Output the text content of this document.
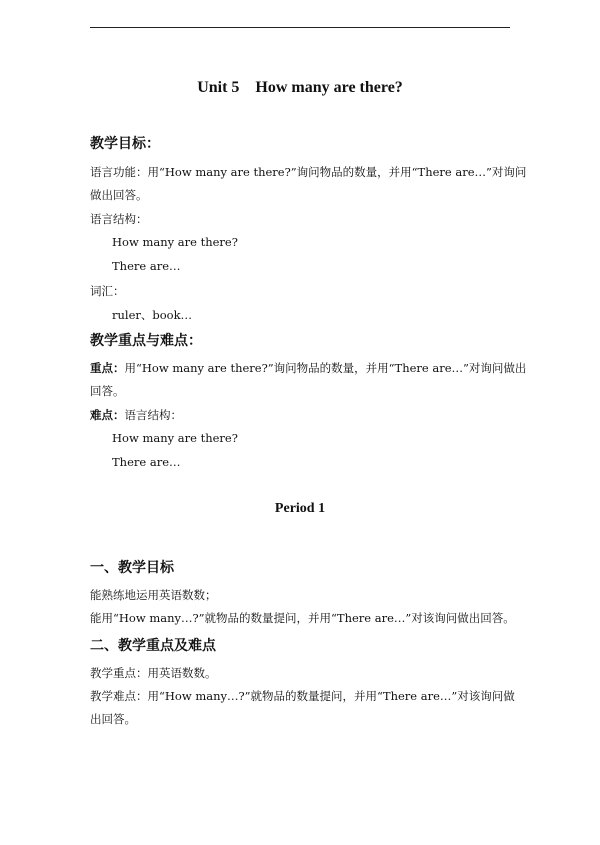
Unit 5    How many are there?
教学目标：
语言功能：用“How many are there?”询问物品的数量，并用“There are…”对询问
做出回答。
语言结构：
How many are there?
There are…
词汇：
ruler、book…
教学重点与难点：
重点：用“How many are there?”询问物品的数量，并用“There are…”对询问做出
回答。
难点：语言结构：
How many are there?
There are…
Period 1
一、教学目标
能熟练地运用英语数数；
能用“How many…?”就物品的数量提问，并用“There are…”对该询问做出回答。
二、教学重点及难点
教学重点：用英语数数。
教学难点：用“How many…?”就物品的数量提问，并用“There are…”对该询问做
出回答。
